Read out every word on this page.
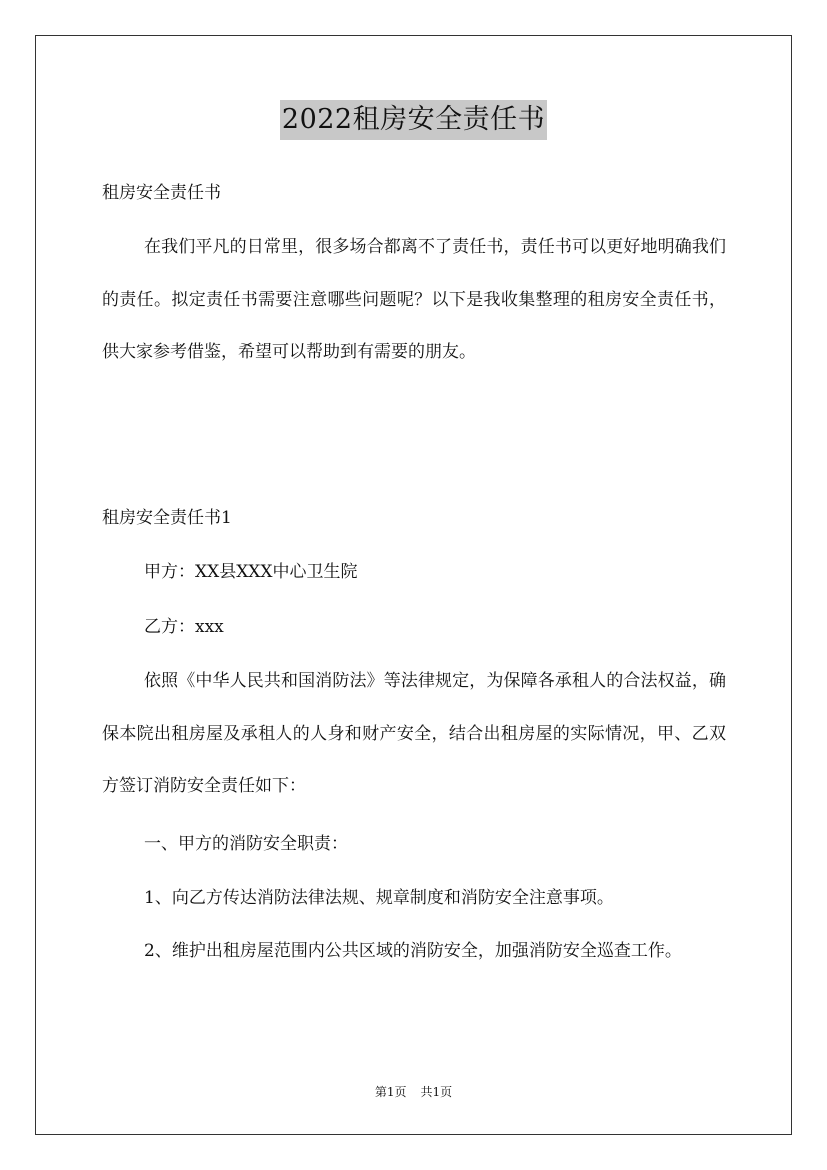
2022租房安全责任书
租房安全责任书
在我们平凡的日常里，很多场合都离不了责任书，责任书可以更好地明确我们的责任。拟定责任书需要注意哪些问题呢？以下是我收集整理的租房安全责任书，供大家参考借鉴，希望可以帮助到有需要的朋友。
租房安全责任书1
甲方：XX县XXX中心卫生院
乙方：xxx
依照《中华人民共和国消防法》等法律规定，为保障各承租人的合法权益，确保本院出租房屋及承租人的人身和财产安全，结合出租房屋的实际情况，甲、乙双方签订消防安全责任如下：
一、甲方的消防安全职责：
1、向乙方传达消防法律法规、规章制度和消防安全注意事项。
2、维护出租房屋范围内公共区域的消防安全，加强消防安全巡查工作。
第1页 共1页
